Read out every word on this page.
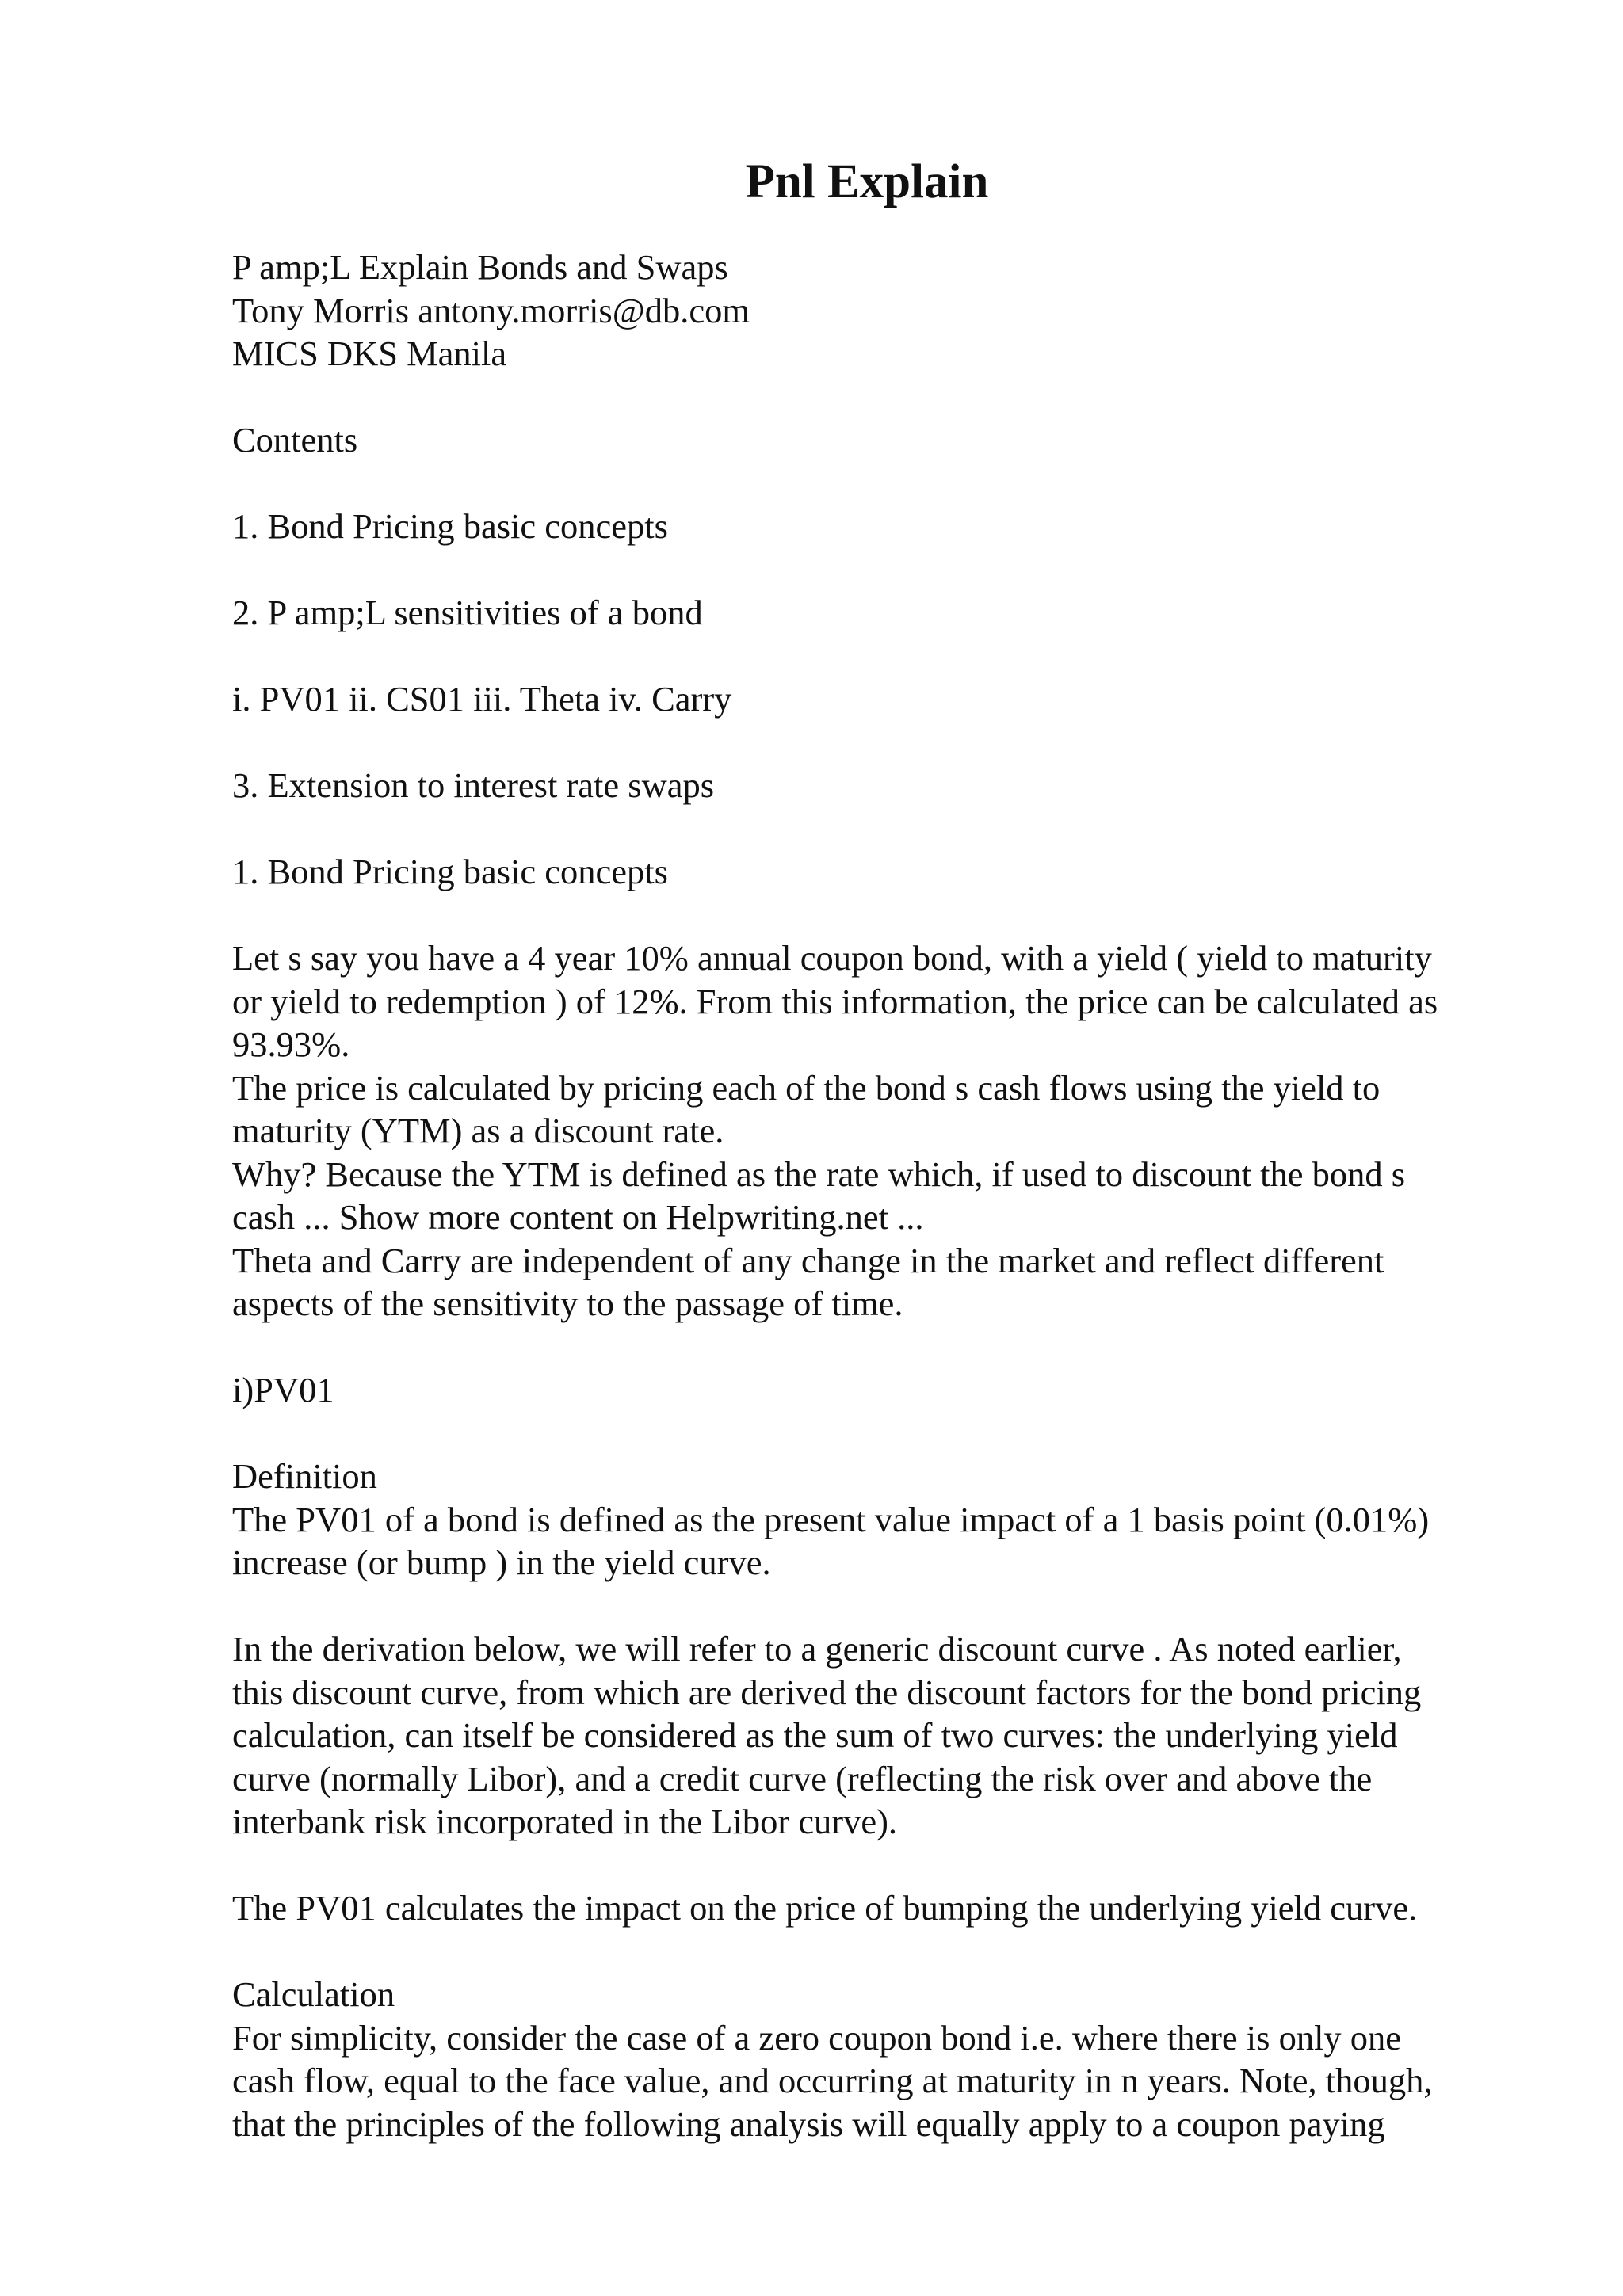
Pnl Explain
P amp;L Explain Bonds and Swaps
Tony Morris antony.morris@db.com
MICS DKS Manila
Contents
1. Bond Pricing basic concepts
2. P amp;L sensitivities of a bond
i. PV01 ii. CS01 iii. Theta iv. Carry
3. Extension to interest rate swaps
1. Bond Pricing basic concepts
Let s say you have a 4 year 10% annual coupon bond, with a yield ( yield to maturity
or yield to redemption ) of 12%. From this information, the price can be calculated as
93.93%.
The price is calculated by pricing each of the bond s cash flows using the yield to
maturity (YTM) as a discount rate.
Why? Because the YTM is defined as the rate which, if used to discount the bond s
cash ... Show more content on Helpwriting.net ...
Theta and Carry are independent of any change in the market and reflect different
aspects of the sensitivity to the passage of time.
i)PV01
Definition
The PV01 of a bond is defined as the present value impact of a 1 basis point (0.01%)
increase (or bump ) in the yield curve.
In the derivation below, we will refer to a generic discount curve . As noted earlier,
this discount curve, from which are derived the discount factors for the bond pricing
calculation, can itself be considered as the sum of two curves: the underlying yield
curve (normally Libor), and a credit curve (reflecting the risk over and above the
interbank risk incorporated in the Libor curve).
The PV01 calculates the impact on the price of bumping the underlying yield curve.
Calculation
For simplicity, consider the case of a zero coupon bond i.e. where there is only one
cash flow, equal to the face value, and occurring at maturity in n years. Note, though,
that the principles of the following analysis will equally apply to a coupon paying
